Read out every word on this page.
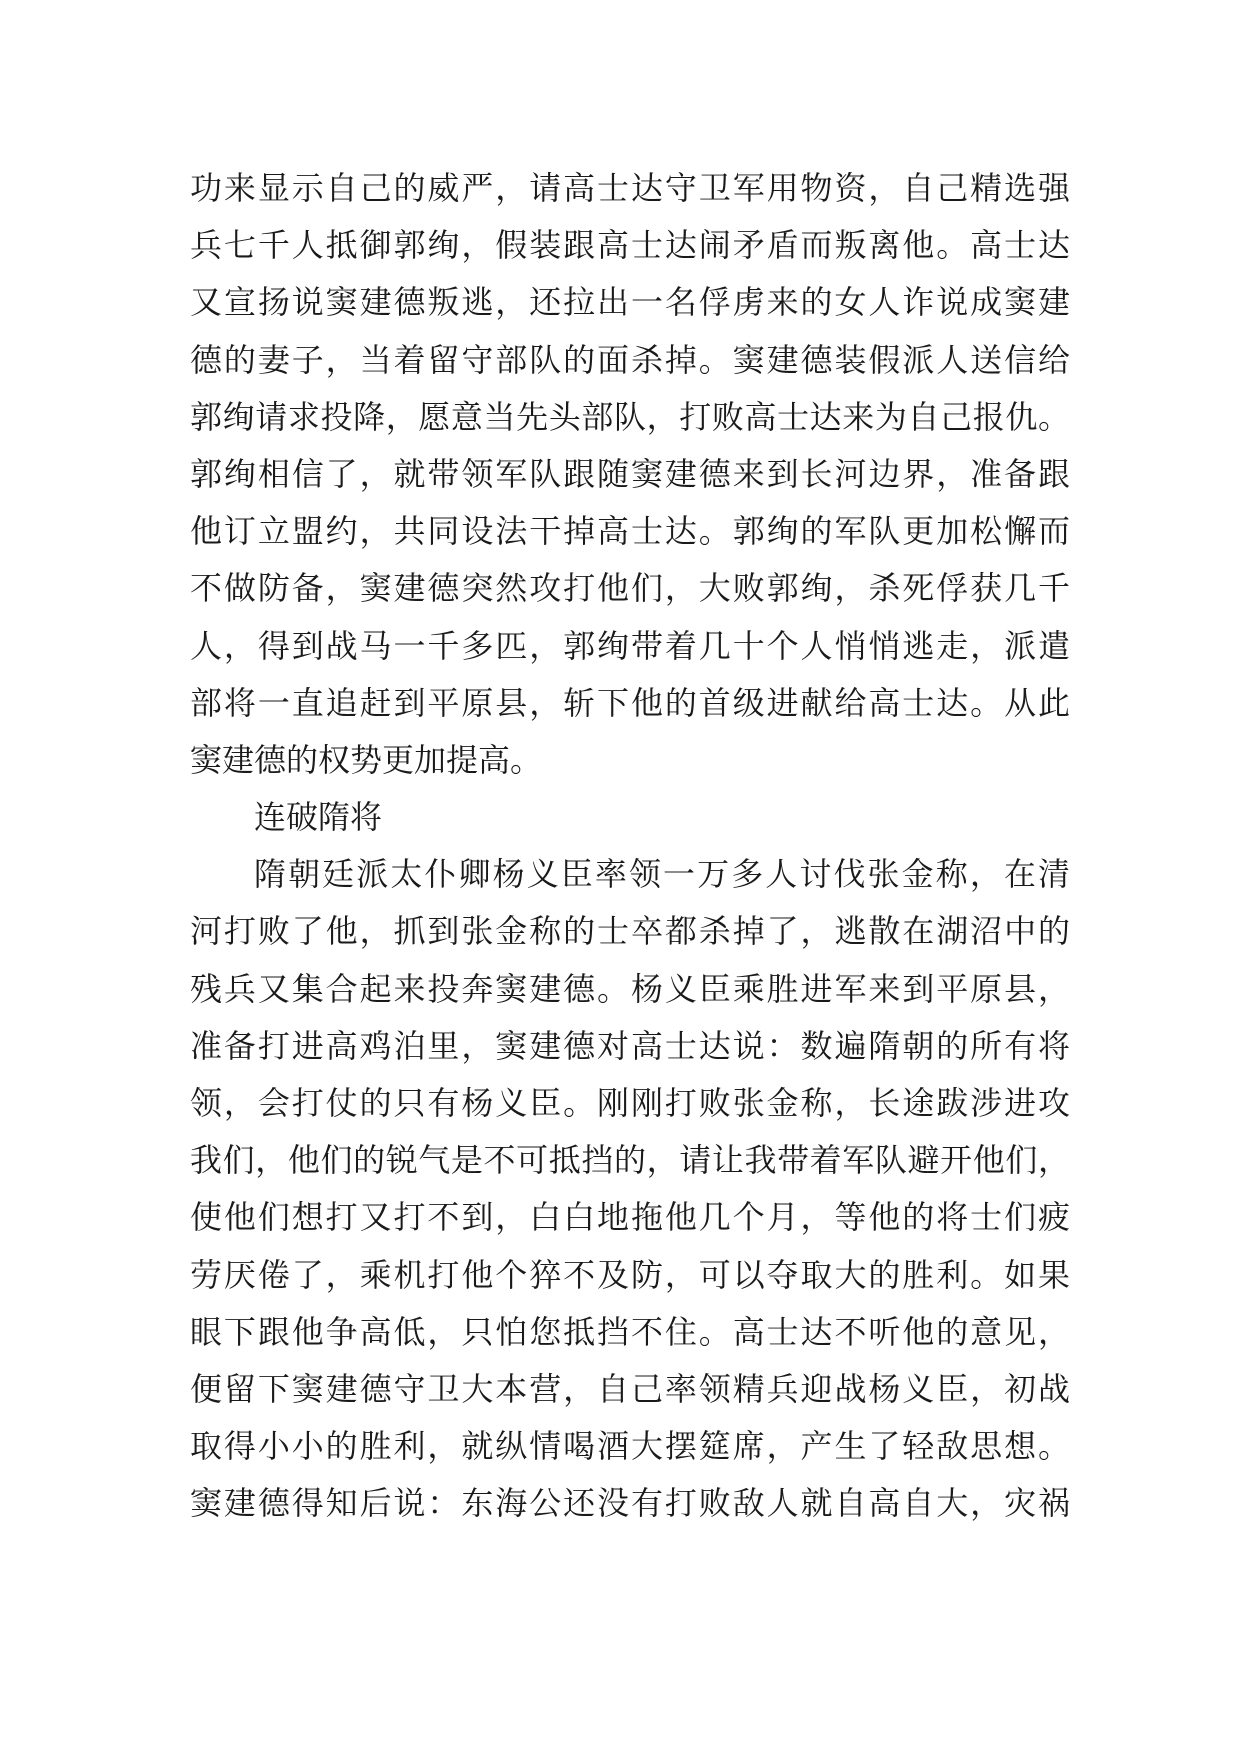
功来显示自己的威严，请高士达守卫军用物资，自己精选强
兵七千人抵御郭绚，假装跟高士达闹矛盾而叛离他。高士达
又宣扬说窦建德叛逃，还拉出一名俘虏来的女人诈说成窦建
德的妻子，当着留守部队的面杀掉。窦建德装假派人送信给
郭绚请求投降，愿意当先头部队，打败高士达来为自己报仇。
郭绚相信了，就带领军队跟随窦建德来到长河边界，准备跟
他订立盟约，共同设法干掉高士达。郭绚的军队更加松懈而
不做防备，窦建德突然攻打他们，大败郭绚，杀死俘获几千
人，得到战马一千多匹，郭绚带着几十个人悄悄逃走，派遣
部将一直追赶到平原县，斩下他的首级进献给高士达。从此
窦建德的权势更加提高。
连破隋将
隋朝廷派太仆卿杨义臣率领一万多人讨伐张金称，在清
河打败了他，抓到张金称的士卒都杀掉了，逃散在湖沼中的
残兵又集合起来投奔窦建德。杨义臣乘胜进军来到平原县，
准备打进高鸡泊里，窦建德对高士达说：数遍隋朝的所有将
领，会打仗的只有杨义臣。刚刚打败张金称，长途跋涉进攻
我们，他们的锐气是不可抵挡的，请让我带着军队避开他们，
使他们想打又打不到，白白地拖他几个月，等他的将士们疲
劳厌倦了，乘机打他个猝不及防，可以夺取大的胜利。如果
眼下跟他争高低，只怕您抵挡不住。高士达不听他的意见，
便留下窦建德守卫大本营，自己率领精兵迎战杨义臣，初战
取得小小的胜利，就纵情喝酒大摆筵席，产生了轻敌思想。
窦建德得知后说：东海公还没有打败敌人就自高自大，灾祸
